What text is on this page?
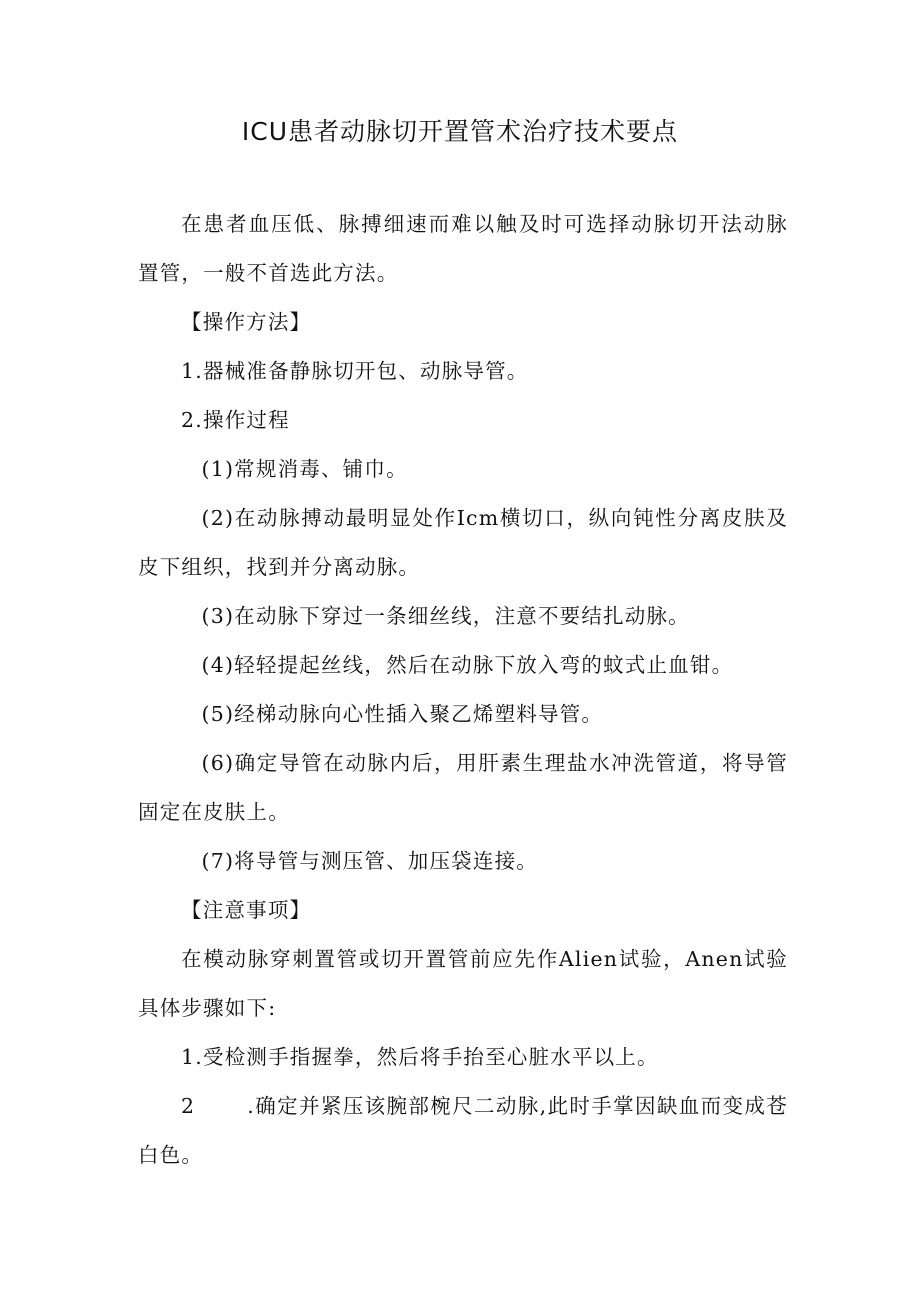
ICU患者动脉切开置管术治疗技术要点

在患者血压低、脉搏细速而难以触及时可选择动脉切开法动脉置管，一般不首选此方法。

【操作方法】

1.器械准备静脉切开包、动脉导管。

2.操作过程

(1)常规消毒、铺巾。

(2)在动脉搏动最明显处作Icm横切口，纵向钝性分离皮肤及皮下组织，找到并分离动脉。

(3)在动脉下穿过一条细丝线，注意不要结扎动脉。

(4)轻轻提起丝线，然后在动脉下放入弯的蚊式止血钳。

(5)经梯动脉向心性插入聚乙烯塑料导管。

(6)确定导管在动脉内后，用肝素生理盐水冲洗管道，将导管固定在皮肤上。

(7)将导管与测压管、加压袋连接。

【注意事项】

在模动脉穿刺置管或切开置管前应先作Alien试验，Anen试验具体步骤如下:

1.受检测手指握拳，然后将手抬至心脏水平以上。

2	.确定并紧压该腕部椀尺二动脉,此时手掌因缺血而变成苍白色。
